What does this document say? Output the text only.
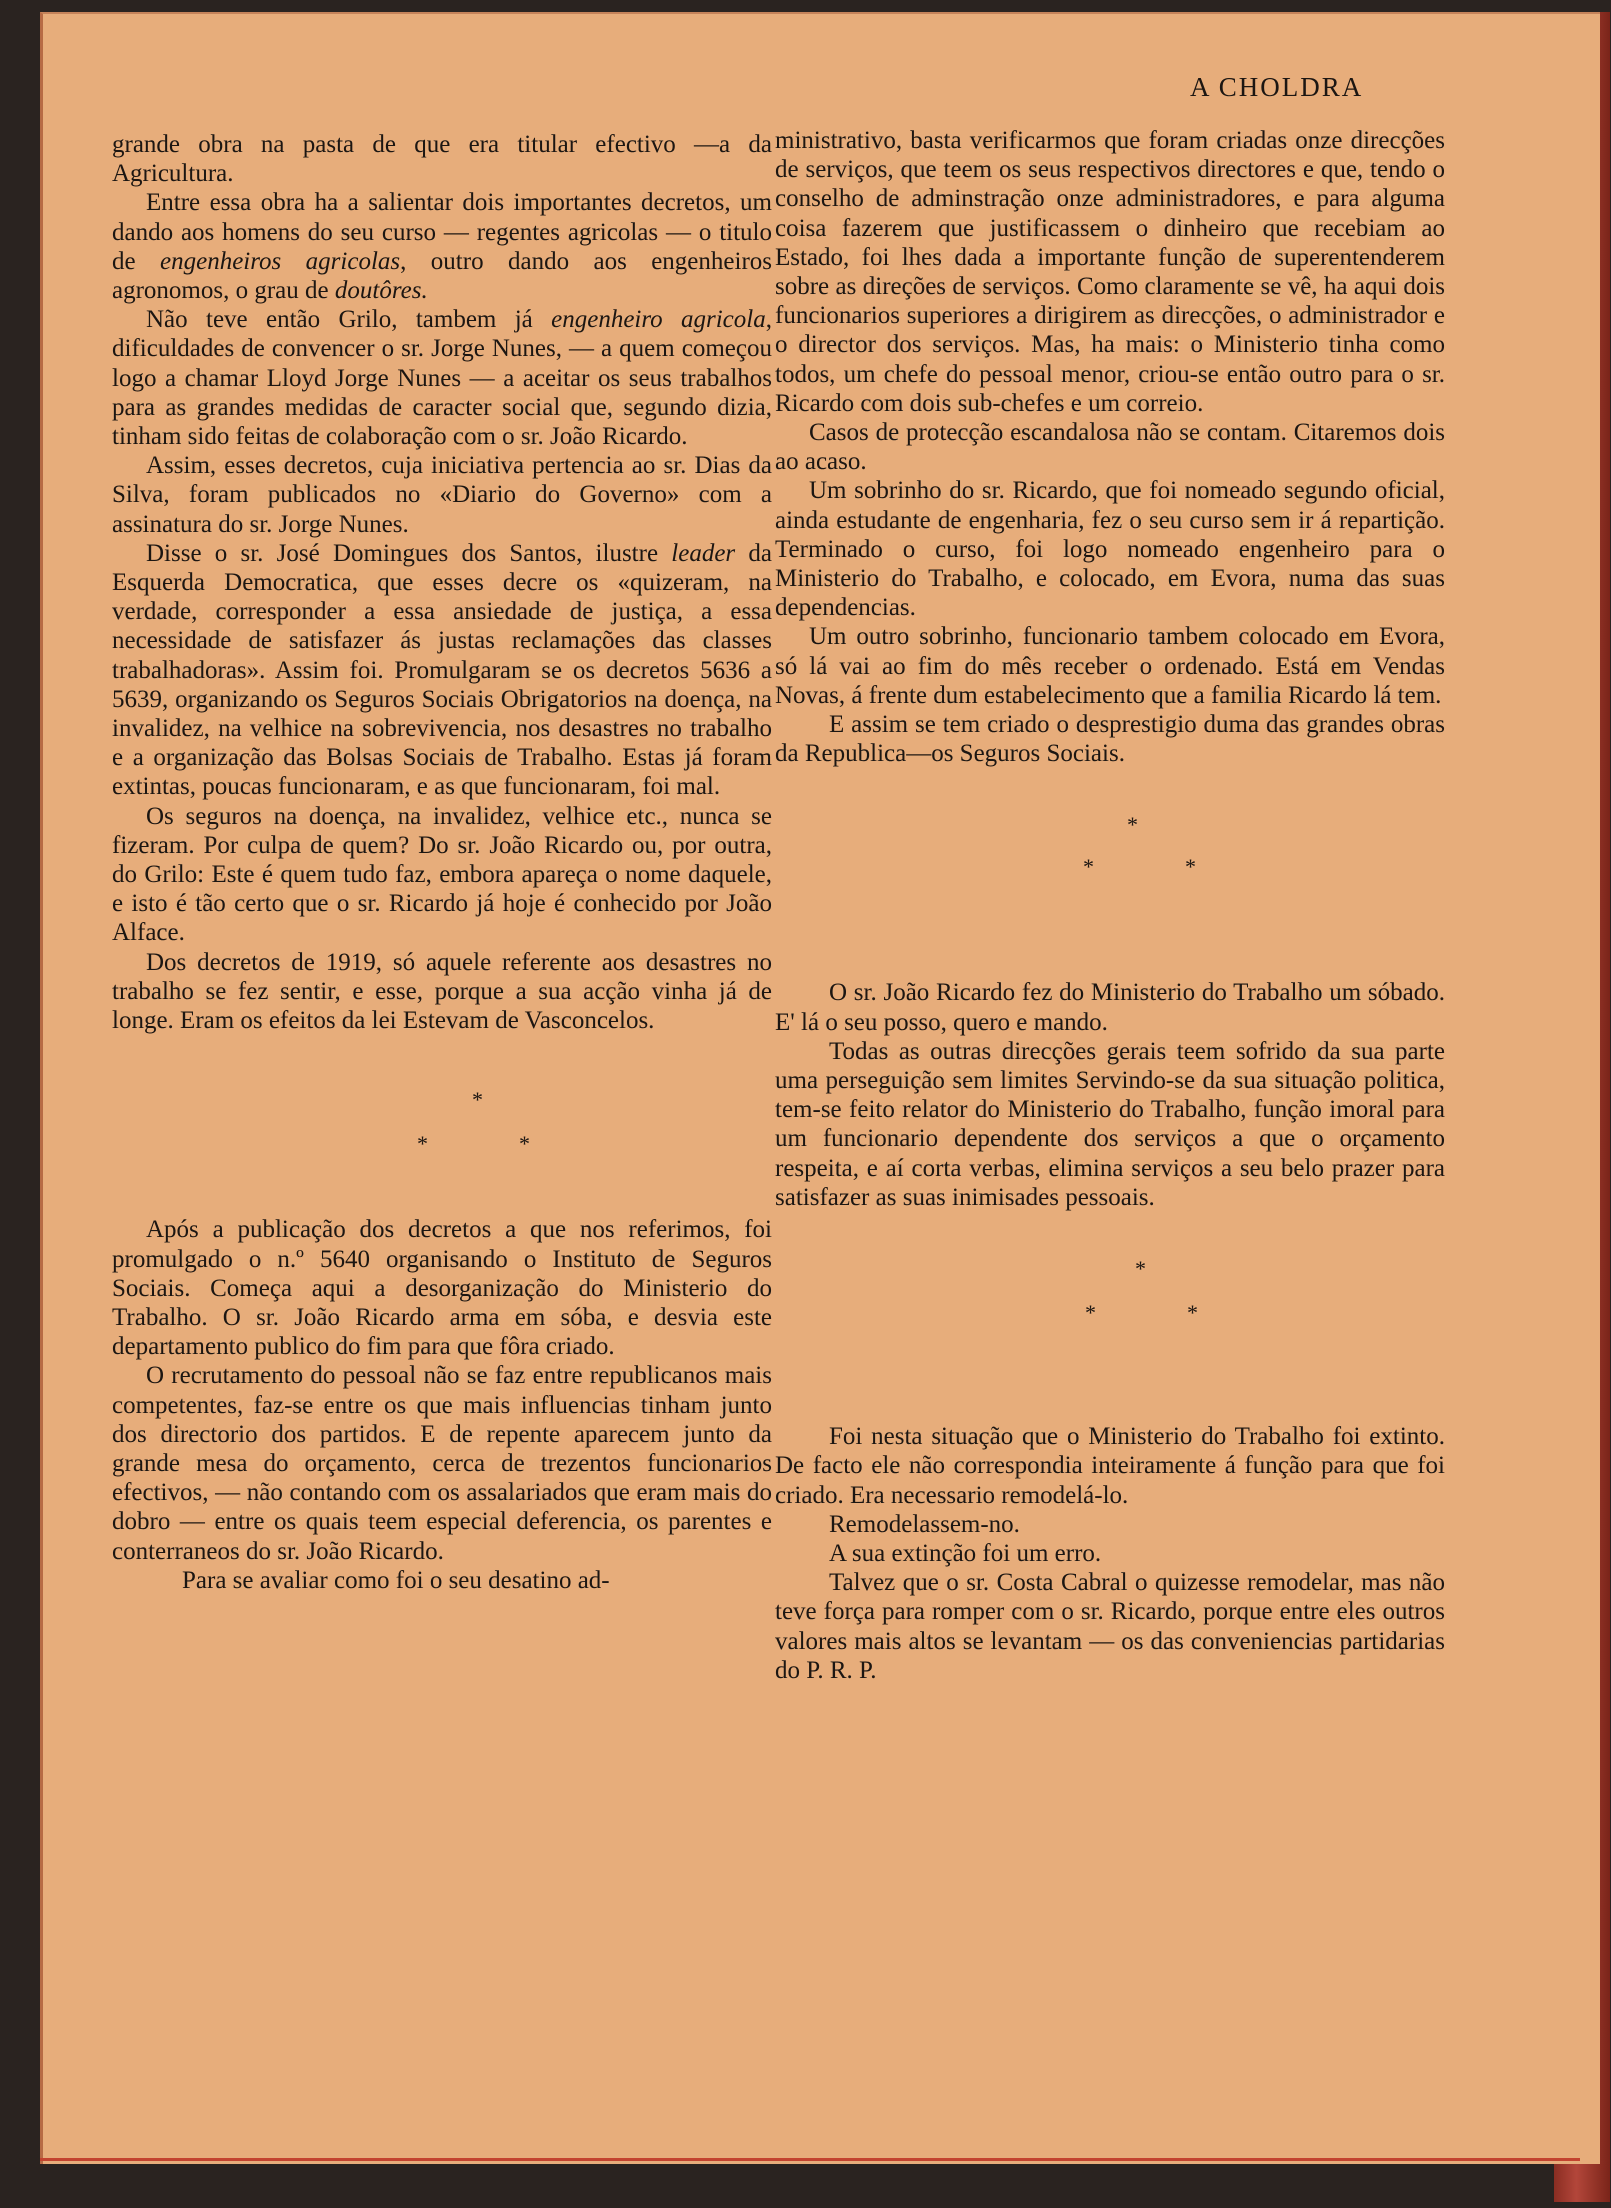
A CHOLDRA

grande obra na pasta de que era titular efectivo —a da Agricultura.

Entre essa obra ha a salientar dois importantes decretos, um dando aos homens do seu curso — regentes agricolas — o titulo de engenheiros agricolas, outro dando aos engenheiros agronomos, o grau de doutôres.

Não teve então Grilo, tambem já engenheiro agricola, dificuldades de convencer o sr. Jorge Nunes, — a quem começou logo a chamar Lloyd Jorge Nunes — a aceitar os seus trabalhos para as grandes medidas de caracter social que, segundo dizia, tinham sido feitas de colaboração com o sr. João Ricardo.

Assim, esses decretos, cuja iniciativa pertencia ao sr. Dias da Silva, foram publicados no «Diario do Governo» com a assinatura do sr. Jorge Nunes.

Disse o sr. José Domingues dos Santos, ilustre leader da Esquerda Democratica, que esses decre os «quizeram, na verdade, corresponder a essa ansiedade de justiça, a essa necessidade de satisfazer ás justas reclamações das classes trabalhadoras». Assim foi. Promulgaram se os decretos 5636 a 5639, organizando os Seguros Sociais Obrigatorios na doença, na invalidez, na velhice na sobrevivencia, nos desastres no trabalho e a organização das Bolsas Sociais de Trabalho. Estas já foram extintas, poucas funcionaram, e as que funcionaram, foi mal.

Os seguros na doença, na invalidez, velhice etc., nunca se fizeram. Por culpa de quem? Do sr. João Ricardo ou, por outra, do Grilo: Este é quem tudo faz, embora apareça o nome daquele, e isto é tão certo que o sr. Ricardo já hoje é conhecido por João Alface.

Dos decretos de 1919, só aquele referente aos desastres no trabalho se fez sentir, e esse, porque a sua acção vinha já de longe. Eram os efeitos da lei Estevam de Vasconcelos.

*
*	*

Após a publicação dos decretos a que nos referimos, foi promulgado o n.º 5640 organisando o Instituto de Seguros Sociais. Começa aqui a desorganização do Ministerio do Trabalho. O sr. João Ricardo arma em sóba, e desvia este departamento publico do fim para que fôra criado.

O recrutamento do pessoal não se faz entre republicanos mais competentes, faz-se entre os que mais influencias tinham junto dos directorio dos partidos. E de repente aparecem junto da grande mesa do orçamento, cerca de trezentos funcionarios efectivos, — não contando com os assalariados que eram mais do dobro — entre os quais teem especial deferencia, os parentes e conterraneos do sr. João Ricardo.

Para se avaliar como foi o seu desatino ad-

ministrativo, basta verificarmos que foram criadas onze direcções de serviços, que teem os seus respectivos directores e que, tendo o conselho de adminstração onze administradores, e para alguma coisa fazerem que justificassem o dinheiro que recebiam ao Estado, foi lhes dada a importante função de superentenderem sobre as direções de serviços. Como claramente se vê, ha aqui dois funcionarios superiores a dirigirem as direcções, o administrador e o director dos serviços. Mas, ha mais: o Ministerio tinha como todos, um chefe do pessoal menor, criou-se então outro para o sr. Ricardo com dois sub-chefes e um correio.

Casos de protecção escandalosa não se contam. Citaremos dois ao acaso.

Um sobrinho do sr. Ricardo, que foi nomeado segundo oficial, ainda estudante de engenharia, fez o seu curso sem ir á repartição. Terminado o curso, foi logo nomeado engenheiro para o Ministerio do Trabalho, e colocado, em Evora, numa das suas dependencias.

Um outro sobrinho, funcionario tambem colocado em Evora, só lá vai ao fim do mês receber o ordenado. Está em Vendas Novas, á frente dum estabelecimento que a familia Ricardo lá tem.

E assim se tem criado o desprestigio duma das grandes obras da Republica—os Seguros Sociais.

*
*	*

O sr. João Ricardo fez do Ministerio do Trabalho um sóbado. E' lá o seu posso, quero e mando.

Todas as outras direcções gerais teem sofrido da sua parte uma perseguição sem limites Servindo-se da sua situação politica, tem-se feito relator do Ministerio do Trabalho, função imoral para um funcionario dependente dos serviços a que o orçamento respeita, e aí corta verbas, elimina serviços a seu belo prazer para satisfazer as suas inimisades pessoais.

*
*	*

Foi nesta situação que o Ministerio do Trabalho foi extinto. De facto ele não correspondia inteiramente á função para que foi criado. Era necessario remodelá-lo.

Remodelassem-no.

A sua extinção foi um erro.

Talvez que o sr. Costa Cabral o quizesse remodelar, mas não teve força para romper com o sr. Ricardo, porque entre eles outros valores mais altos se levantam — os das conveniencias partidarias do P. R. P.
